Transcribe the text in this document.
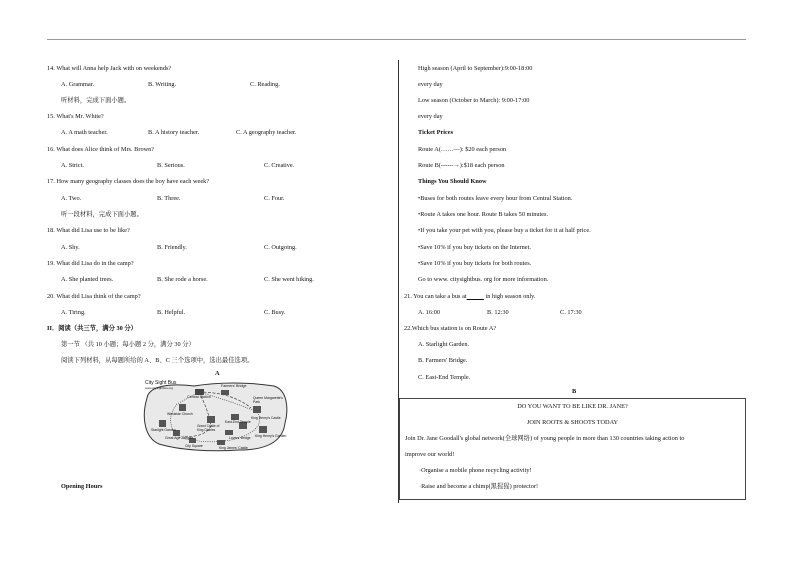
14. What will Anna help Jack with on weekends?
A. Grammar.	B. Writing.	C. Reading.
听材料，完成下面小题。
15. What's Mr. White?
A. A math teacher.	B. A history teacher.	C. A geography teacher.
16. What does Alice think of Mrs. Brown?
A. Strict.	B. Serious.	C. Creative.
17. How many geography classes does the boy have each week?
A. Two.	B. Three.	C. Four.
听一段材料，完成下面小题。
18. What did Lisa use to be like?
A. Shy.	B. Friendly.	C. Outgoing.
19. What did Lisa do in the camp?
A. She planted trees.	B. She rode a horse.	C. She went hiking.
20. What did Lisa think of the camp?
A. Tiring.	B. Helpful.	C. Busy.
II．阅读（共三节，满分 30 分）
第一节 （共 10 小题；每小题 2 分，满分 30 分）
阅读下列材料，从每题所给的 A、B、C 三个选项中，选出最佳选项。
A
City Sight Bus
www.citysightbus.org
Central Station
Farmers' Bridge
Queen Margarette's Park
Westside Church
East-End Temple
Starlight Garden
Grand Castle of King Charles
King Henry's Castle
Great Age Theater	Lovers' Bridge King Henry's Garden
City Square	King James' Castle
Opening Hours
High season (April to September):9:00-18:00
every day
Low season (October to March): 9:00-17:00
every day
Ticket Prices
Route A(……—): $20 each person
Route B(------→):$18 each person
Things You Should Know
•Buses for both routes leave every hour from Central Station.
•Route A takes one hour. Route B takes 50 minutes.
•If you take your pet with you, please buy a ticket for it at half price.
•Save 10% if you buy tickets on the Internet.
•Save 10% if you buy tickets for both routes.
Go to www. citysightbus. org for more information.
21. You can take a bus at	in high season only.
A. 16:00	B. 12:30	C. 17:30
22.Which bus station is on Route A?
A. Starlight Garden.
B. Farmers' Bridge.
C. East-End Temple.
B
DO YOU WANT TO BE LIKE DR. JANE?
JOIN ROOTS & SHOOTS TODAY
Join Dr. Jane Goodall's global network(全球网络) of young people in more than 130 countries taking action to
improve our world!
·Organise a mobile phone recycling activity!
·Raise and become a chimp(黑猩猩) protector!
